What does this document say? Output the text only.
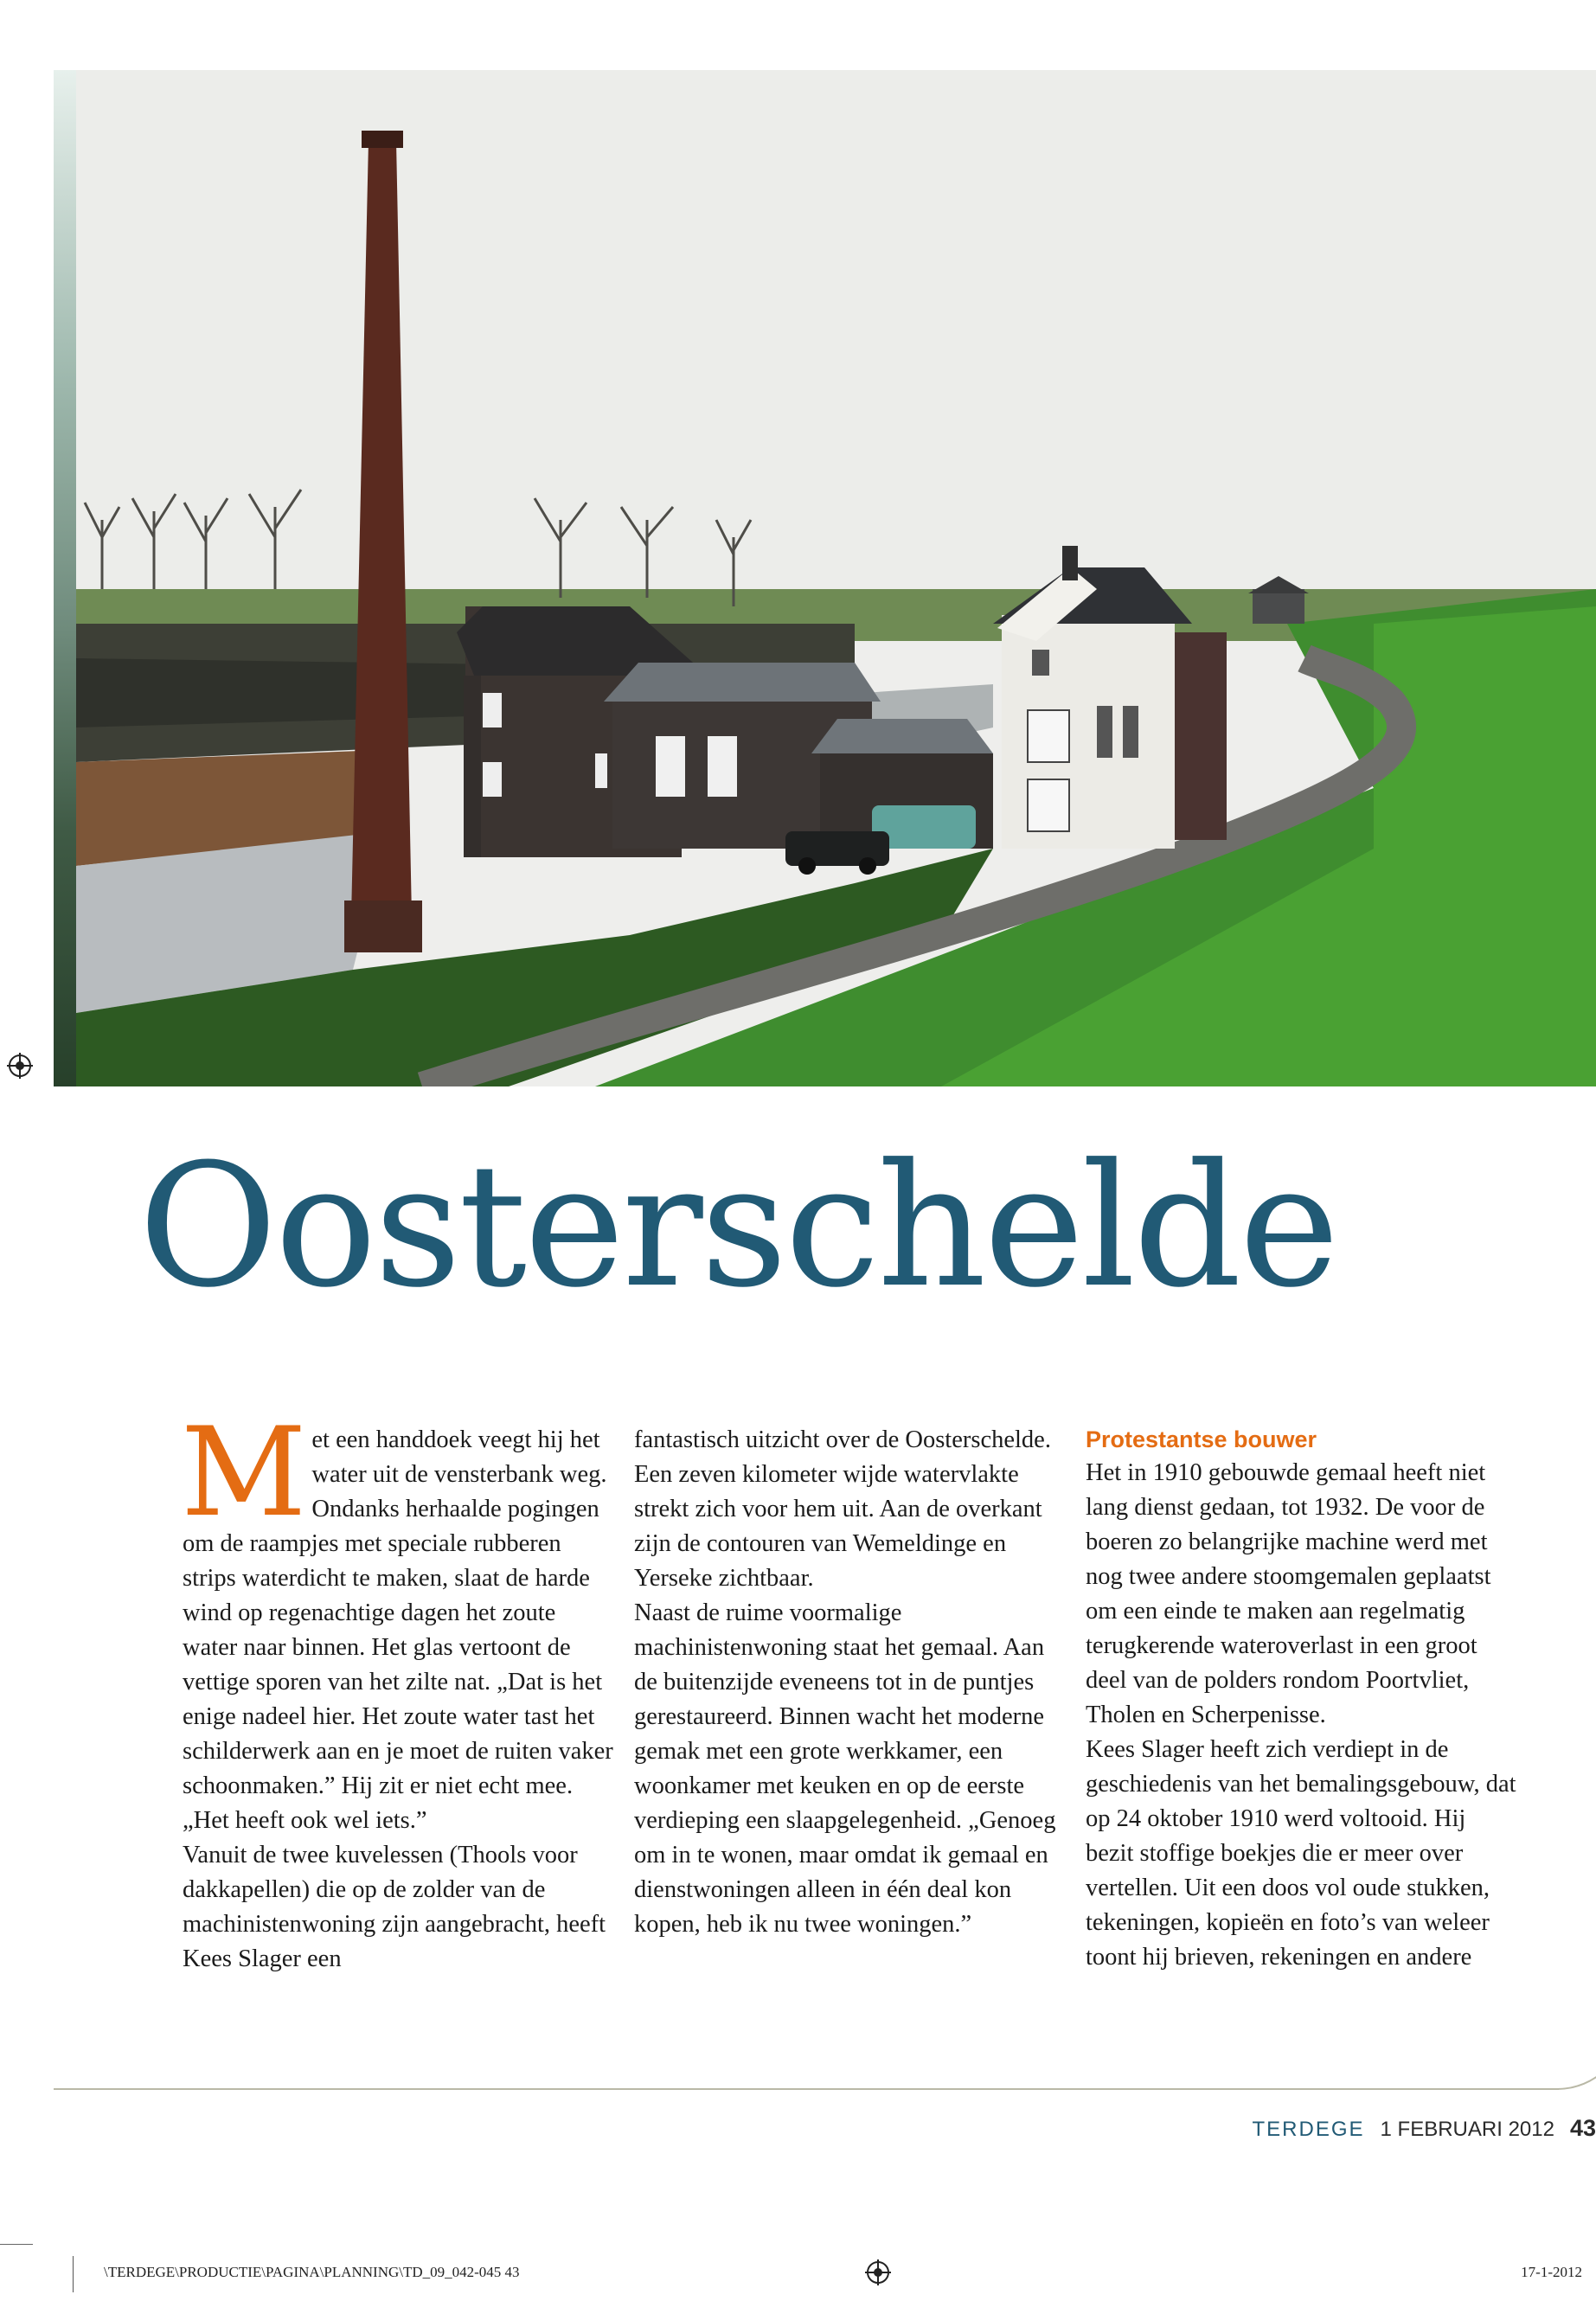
Oosterschelde
M et een handdoek veegt hij het water uit de vensterbank weg. Ondanks herhaalde pogingen om de raampjes met speciale rubberen strips waterdicht te maken, slaat de harde wind op regenachtige dagen het zoute water naar binnen. Het glas vertoont de vettige sporen van het zilte nat. „Dat is het enige nadeel hier. Het zoute water tast het schilderwerk aan en je moet de ruiten vaker schoonmaken.” Hij zit er niet echt mee. „Het heeft ook wel iets.”

Vanuit de twee kuvelessen (Thools voor dakkapellen) die op de zolder van de machinistenwoning zijn aangebracht, heeft Kees Slager een

fantastisch uitzicht over de Oosterschelde. Een zeven kilometer wijde watervlakte strekt zich voor hem uit. Aan de overkant zijn de contouren van Wemeldinge en Yerseke zichtbaar.

Naast de ruime voormalige machinistenwoning staat het gemaal. Aan de buitenzijde eveneens tot in de puntjes gerestaureerd. Binnen wacht het moderne gemak met een grote werkkamer, een woonkamer met keuken en op de eerste verdieping een slaapgelegenheid. „Genoeg om in te wonen, maar omdat ik gemaal en dienstwoningen alleen in één deal kon kopen, heb ik nu twee woningen.”

Protestantse bouwer

Het in 1910 gebouwde gemaal heeft niet lang dienst gedaan, tot 1932. De voor de boeren zo belangrijke machine werd met nog twee andere stoomgemalen geplaatst om een einde te maken aan regelmatig terugkerende wateroverlast in een groot deel van de polders rondom Poortvliet, Tholen en Scherpenisse.

Kees Slager heeft zich verdiept in de geschiedenis van het bemalingsgebouw, dat op 24 oktober 1910 werd voltooid. Hij bezit stoffige boekjes die er meer over vertellen. Uit een doos vol oude stukken, tekeningen, kopieën en foto’s van weleer toont hij brieven, rekeningen en andere

TERDEGE 1 FEBRUARI 2012 43
\TERDEGE\PRODUCTIE\PAGINA\PLANNING\TD_09_042-045 43	17-1-2012
